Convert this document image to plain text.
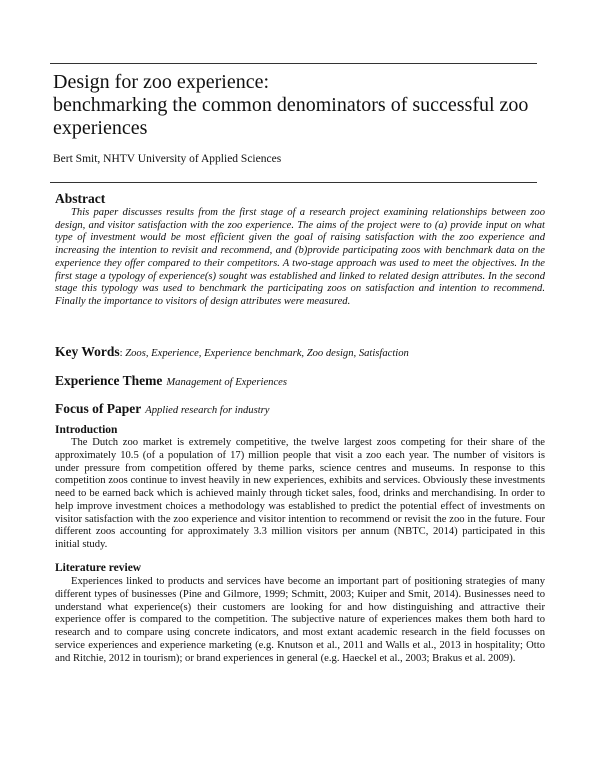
Design for zoo experience:
benchmarking the common denominators of successful zoo
experiences
Bert Smit, NHTV University of Applied Sciences
Abstract

This paper discusses results from the first stage of a research project examining relationships between zoo design, and visitor satisfaction with the zoo experience. The aims of the project were to (a) provide input on what type of investment would be most efficient given the goal of raising satisfaction with the zoo experience and increasing the intention to revisit and recommend, and (b)provide participating zoos with benchmark data on the experience they offer compared to their competitors. A two-stage approach was used to meet the objectives. In the first stage a typology of experience(s) sought was established and linked to related design attributes. In the second stage this typology was used to benchmark the participating zoos on satisfaction and intention to recommend. Finally the importance to visitors of design attributes were measured.

Key Words: Zoos, Experience, Experience benchmark, Zoo design, Satisfaction

Experience Theme Management of Experiences

Focus of Paper Applied research for industry

Introduction

The Dutch zoo market is extremely competitive, the twelve largest zoos competing for their share of the approximately 10.5 (of a population of 17) million people that visit a zoo each year. The number of visitors is under pressure from competition offered by theme parks, science centres and museums. In response to this competition zoos continue to invest heavily in new experiences, exhibits and services. Obviously these investments need to be earned back which is achieved mainly through ticket sales, food, drinks and merchandising. In order to help improve investment choices a methodology was established to predict the potential effect of investments on visitor satisfaction with the zoo experience and visitor intention to recommend or revisit the zoo in the future. Four different zoos accounting for approximately 3.3 million visitors per annum (NBTC, 2014) participated in this initial study.

Literature review

Experiences linked to products and services have become an important part of positioning strategies of many different types of businesses (Pine and Gilmore, 1999; Schmitt, 2003; Kuiper and Smit, 2014). Businesses need to understand what experience(s) their customers are looking for and how distinguishing and attractive their experience offer is compared to the competition. The subjective nature of experiences makes them both hard to research and to compare using concrete indicators, and most extant academic research in the field focusses on service experiences and experience marketing (e.g. Knutson et al., 2011 and Walls et al., 2013 in hospitality; Otto and Ritchie, 2012 in tourism); or brand experiences in general (e.g. Haeckel et al., 2003; Brakus et al. 2009).
